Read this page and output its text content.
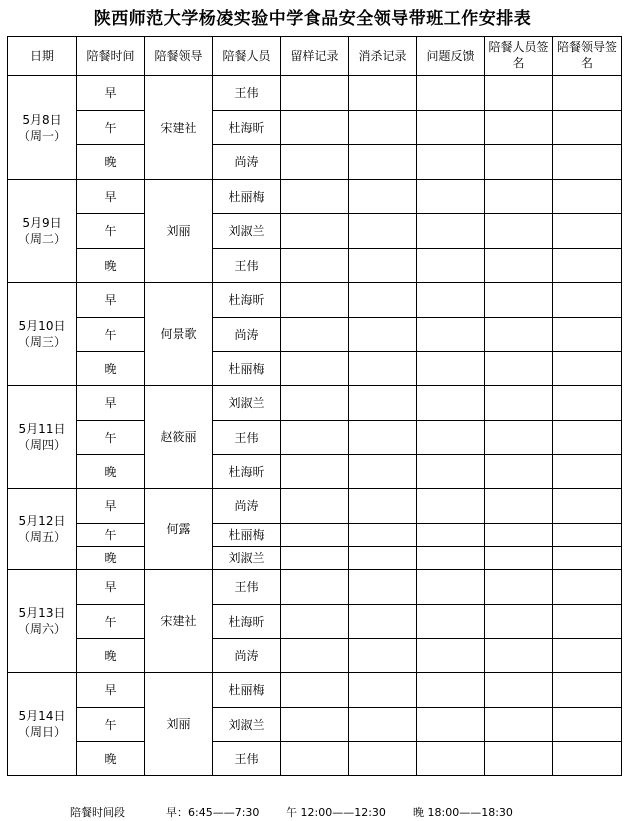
陕西师范大学杨凌实验中学食品安全领导带班工作安排表
日期	陪餐时间	陪餐领导	陪餐人员	留样记录	消杀记录	问题反馈	陪餐人员签名	陪餐领导签名

5月8日
（周一）	早	宋建社	王伟					
	午		杜海昕					
	晚		尚涛					

5月9日
（周二）	早	刘丽	杜丽梅					
	午		刘淑兰					
	晚		王伟					

5月10日
（周三）	早	何景歌	杜海昕					
	午		尚涛					
	晚		杜丽梅					

5月11日
（周四）	早	赵筱丽	刘淑兰					
	午		王伟					
	晚		杜海昕					

5月12日
（周五）	早	何露	尚涛					
	午		杜丽梅					
	晚		刘淑兰					

5月13日
（周六）	早	宋建社	王伟					
	午		杜海昕					
	晚		尚涛					

5月14日
（周日）	早	刘丽	杜丽梅					
	午		刘淑兰					
	晚		王伟					
陪餐时间段	早：6:45——7:30 午 12:00——12:30 晚 18:00——18:30
